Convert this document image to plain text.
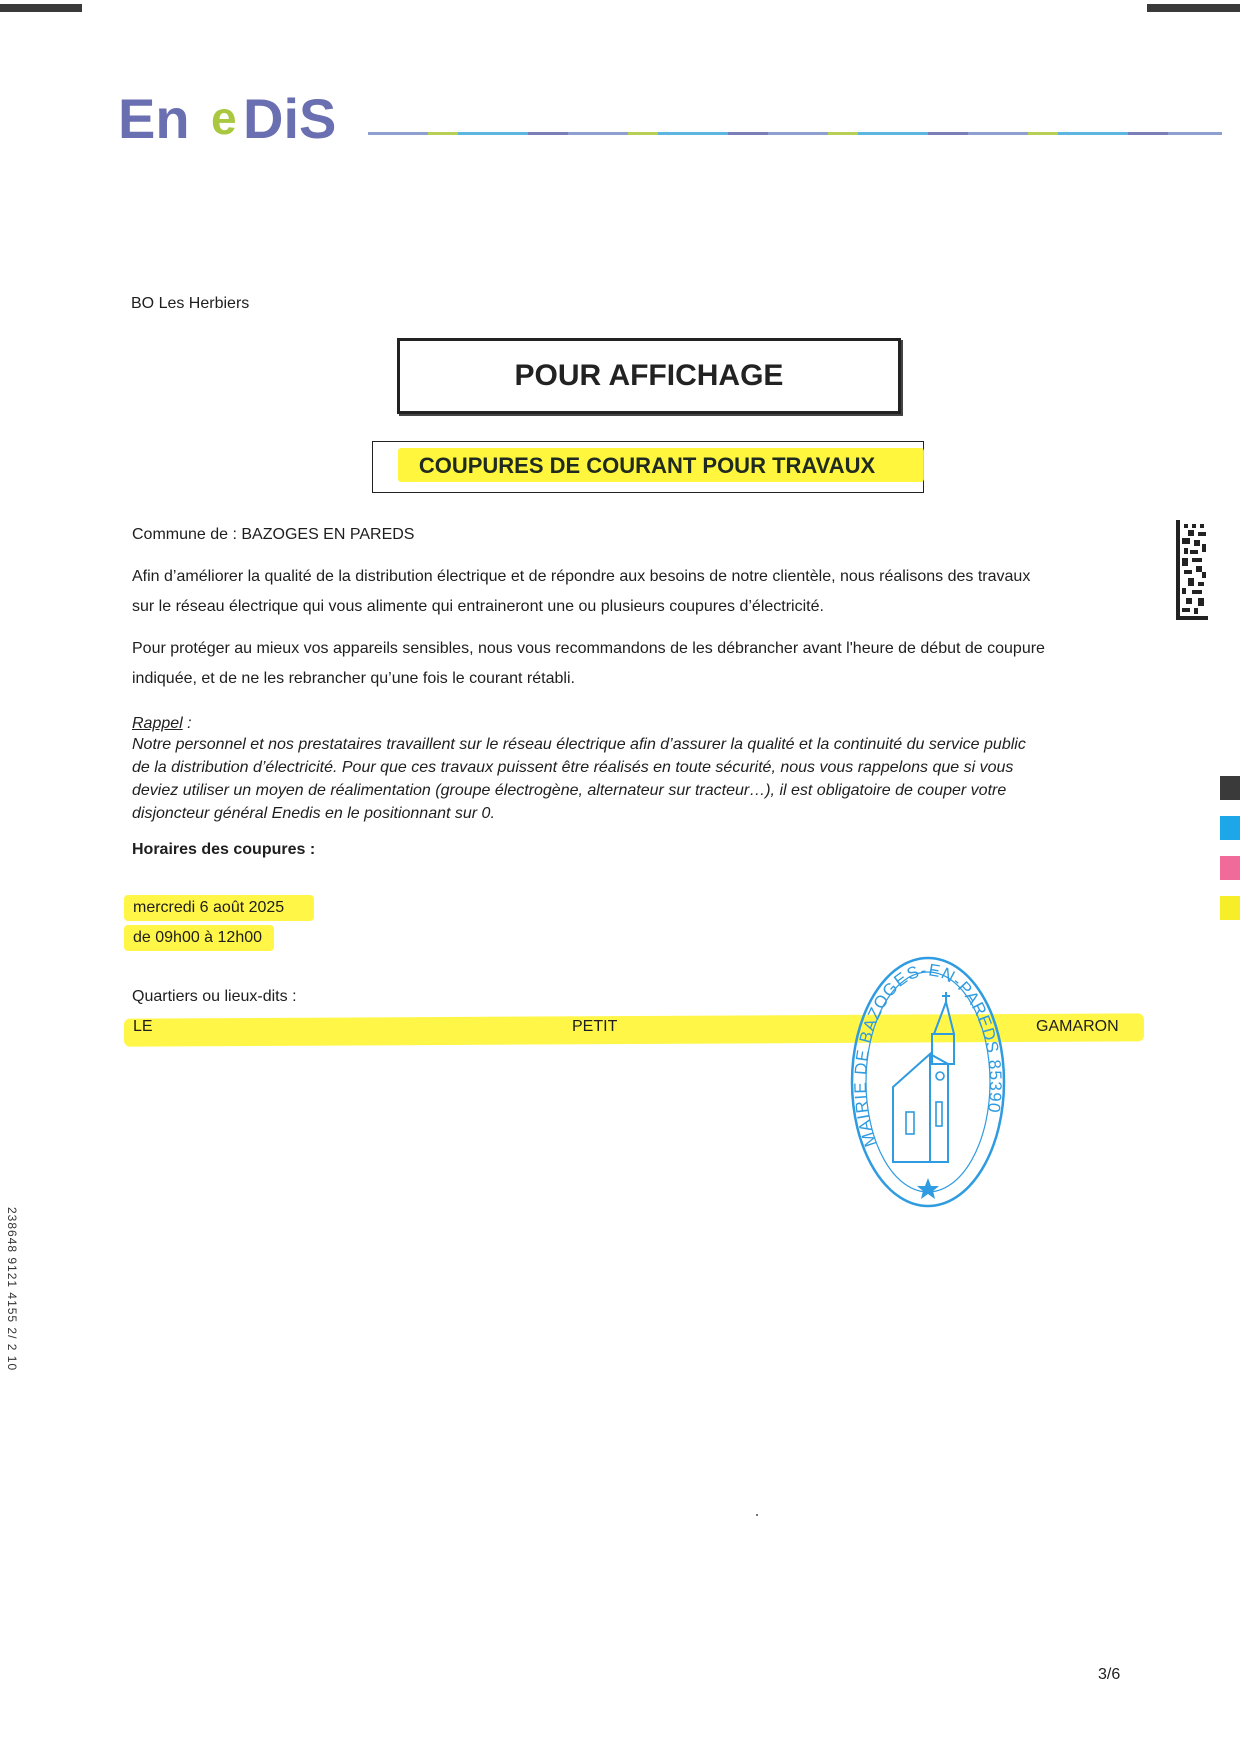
En e DiS
BO Les Herbiers
POUR AFFICHAGE
COUPURES DE COURANT POUR TRAVAUX
Commune de : BAZOGES EN PAREDS
Afin d’améliorer la qualité de la distribution électrique et de répondre aux besoins de notre clientèle, nous réalisons des travaux
sur le réseau électrique qui vous alimente qui entraineront une ou plusieurs coupures d’électricité.
Pour protéger au mieux vos appareils sensibles, nous vous recommandons de les débrancher avant l'heure de début de coupure
indiquée, et de ne les rebrancher qu’une fois le courant rétabli.
Rappel :
Notre personnel et nos prestataires travaillent sur le réseau électrique afin d’assurer la qualité et la continuité du service public
de la distribution d’électricité. Pour que ces travaux puissent être réalisés en toute sécurité, nous vous rappelons que si vous
deviez utiliser un moyen de réalimentation (groupe électrogène, alternateur sur tracteur…), il est obligatoire de couper votre
disjoncteur général Enedis en le positionnant sur 0.
Horaires des coupures :
mercredi 6 août 2025
de 09h00 à 12h00
Quartiers ou lieux-dits :
LE	PETIT	GAMARON
MAIRIE DE BAZOGES-EN-PAREDS 85390
238648 9121 4155 2/ 2 10
3/6
